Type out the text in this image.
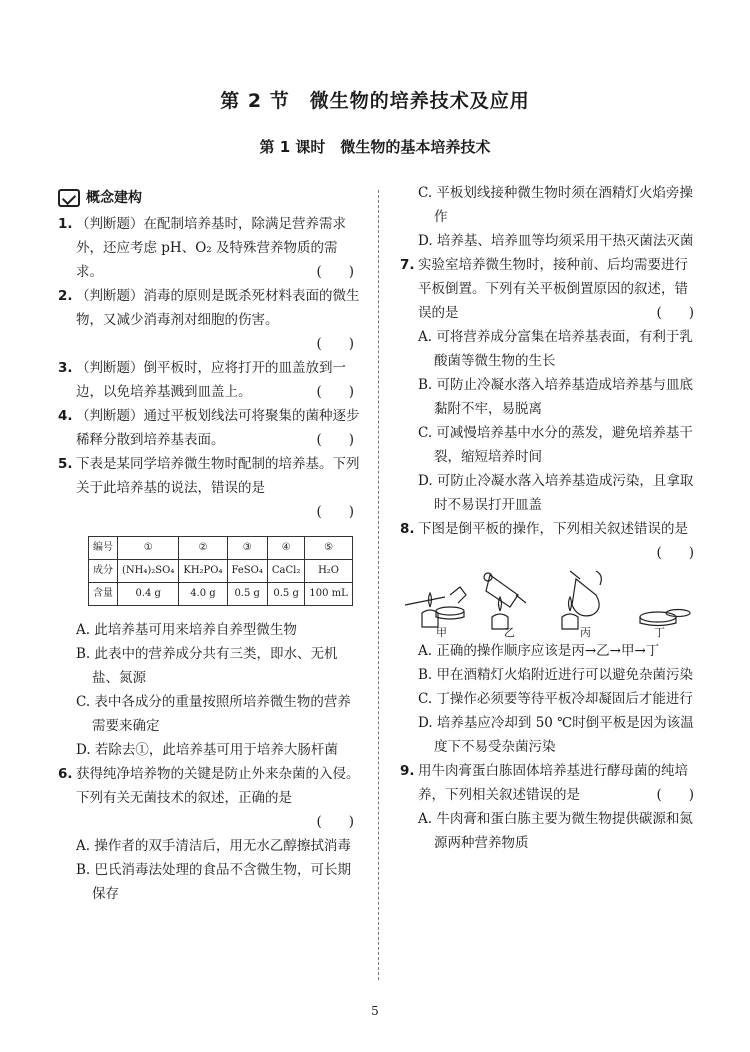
第 2 节　微生物的培养技术及应用
第 1 课时　微生物的基本培养技术
概念建构
1. （判断题）在配制培养基时，除满足营养需求外，还应考虑 pH、O₂ 及特殊营养物质的需求。	(　　)
2. （判断题）消毒的原则是既杀死材料表面的微生物，又减少消毒剂对细胞的伤害。
(　　)
3. （判断题）倒平板时，应将打开的皿盖放到一边，以免培养基溅到皿盖上。	(　　)
4. （判断题）通过平板划线法可将聚集的菌种逐步稀释分散到培养基表面。	(　　)
5. 下表是某同学培养微生物时配制的培养基。下列关于此培养基的说法，错误的是
(　　)
编号	①	②	③	④	⑤
成分	(NH₄)₂SO₄	KH₂PO₄	FeSO₄	CaCl₂	H₂O
含量	0.4 g	4.0 g	0.5 g	0.5 g	100 mL

A. 此培养基可用来培养自养型微生物

B. 此表中的营养成分共有三类，即水、无机盐、氮源

C. 表中各成分的重量按照所培养微生物的营养需要来确定

D. 若除去①，此培养基可用于培养大肠杆菌

6. 获得纯净培养物的关键是防止外来杂菌的入侵。下列有关无菌技术的叙述，正确的是
(　　)

A. 操作者的双手清洁后，用无水乙醇擦拭消毒

B. 巴氏消毒法处理的食品不含微生物，可长期保存

C. 平板划线接种微生物时须在酒精灯火焰旁操作

D. 培养基、培养皿等均须采用干热灭菌法灭菌

7. 实验室培养微生物时，接种前、后均需要进行平板倒置。下列有关平板倒置原因的叙述，错误的是	(　　)

A. 可将营养成分富集在培养基表面，有利于乳酸菌等微生物的生长

B. 可防止冷凝水落入培养基造成培养基与皿底黏附不牢，易脱离

C. 可减慢培养基中水分的蒸发，避免培养基干裂，缩短培养时间

D. 可防止冷凝水落入培养基造成污染，且拿取时不易误打开皿盖

8. 下图是倒平板的操作，下列相关叙述错误的是
(　　)
甲	乙	丙	丁

A. 正确的操作顺序应该是丙→乙→甲→丁

B. 甲在酒精灯火焰附近进行可以避免杂菌污染

C. 丁操作必须要等待平板冷却凝固后才能进行

D. 培养基应冷却到 50 ℃时倒平板是因为该温度下不易受杂菌污染

9. 用牛肉膏蛋白胨固体培养基进行酵母菌的纯培养，下列相关叙述错误的是	(　　)

A. 牛肉膏和蛋白胨主要为微生物提供碳源和氮源两种营养物质

5
